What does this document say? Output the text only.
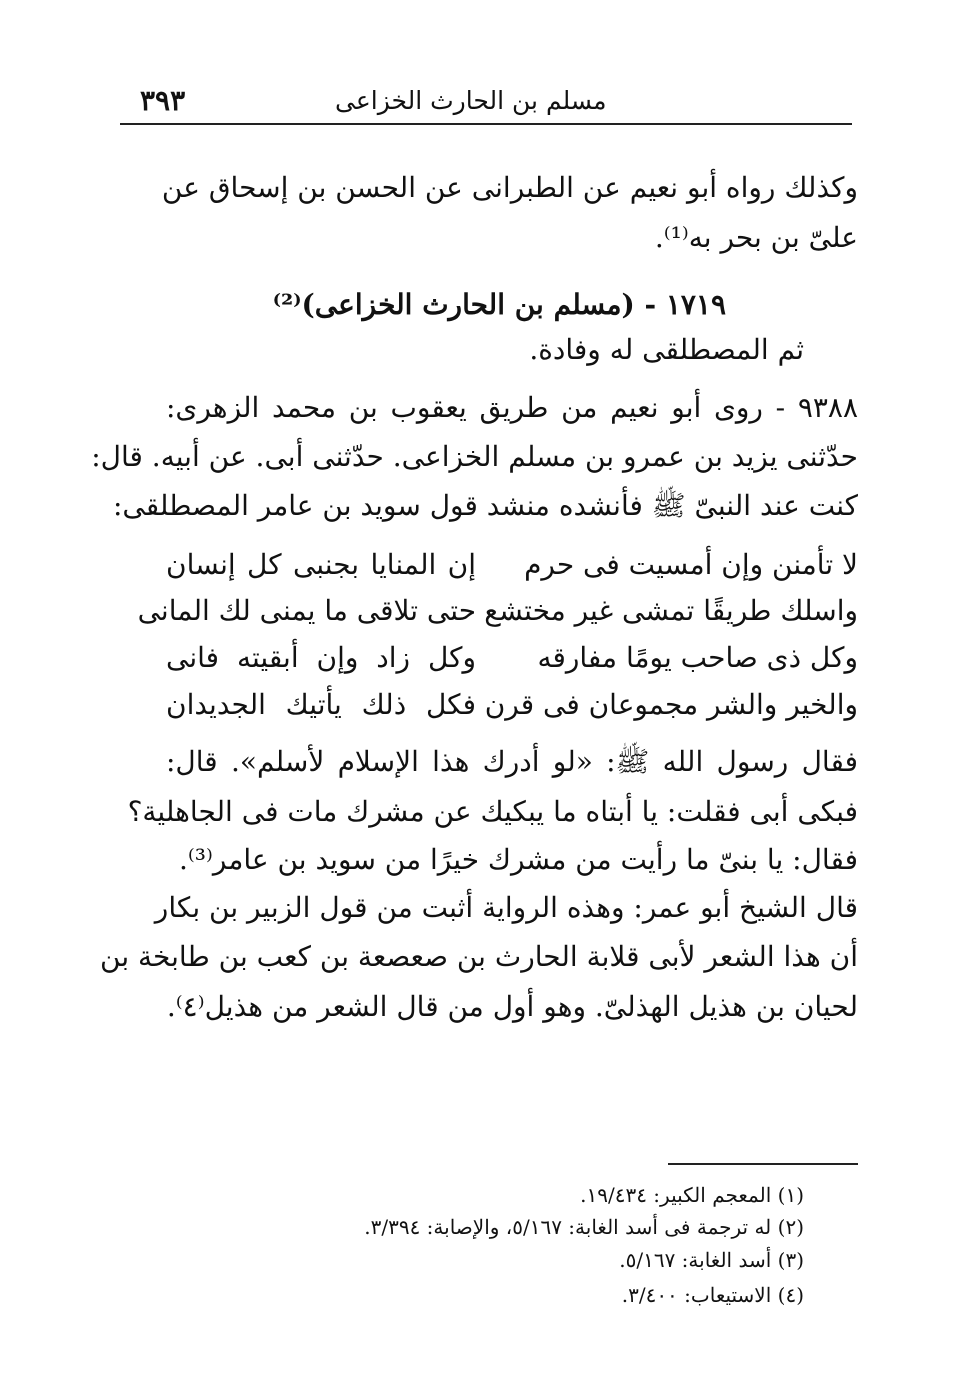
٣٩٣	مسلم بن الحارث الخزاعى
وكذلك رواه أبو نعيم عن الطبرانى عن الحسن بن إسحاق عن
علىّ بن بحر به⁽¹⁾.
١٧١٩ - (مسلم بن الحارث الخزاعى)⁽²⁾
ثم المصطلقى له وفادة.
٩٣٨٨ - روى أبو نعيم من طريق يعقوب بن محمد الزهرى:
حدّثنى يزيد بن عمرو بن مسلم الخزاعى. حدّثنى أبى. عن أبيه. قال:
كنت عند النبىّ ﷺ فأنشده منشد قول سويد بن عامر المصطلقى:
لا تأمنن وإن أمسيت فى حرم
إن المنايا بجنبى كل إنسان
واسلك طريقًا تمشى غير مختشع
حتى تلاقى ما يمنى لك المانى
وكل ذى صاحب يومًا مفارقه
وكل زاد وإن أبقيته فانى
والخير والشر مجموعان فى قرن
فكل ذلك يأتيك الجديدان
فقال رسول الله ﷺ: «لو أدرك هذا الإسلام لأسلم». قال:
فبكى أبى فقلت: يا أبتاه ما يبكيك عن مشرك مات فى الجاهلية؟
فقال: يا بنىّ ما رأيت من مشرك خيرًا من سويد بن عامر⁽³⁾.
قال الشيخ أبو عمر: وهذه الرواية أثبت من قول الزبير بن بكار
أن هذا الشعر لأبى قلابة الحارث بن صعصعة بن كعب بن طابخة بن
لحيان بن هذيل الهذلىّ. وهو أول من قال الشعر من هذيل⁽٤⁾.
(١) المعجم الكبير: ١٩/٤٣٤.
(٢) له ترجمة فى أسد الغابة: ٥/١٦٧، والإصابة: ٣/٣٩٤.
(٣) أسد الغابة: ٥/١٦٧.
(٤) الاستيعاب: ٣/٤٠٠.
